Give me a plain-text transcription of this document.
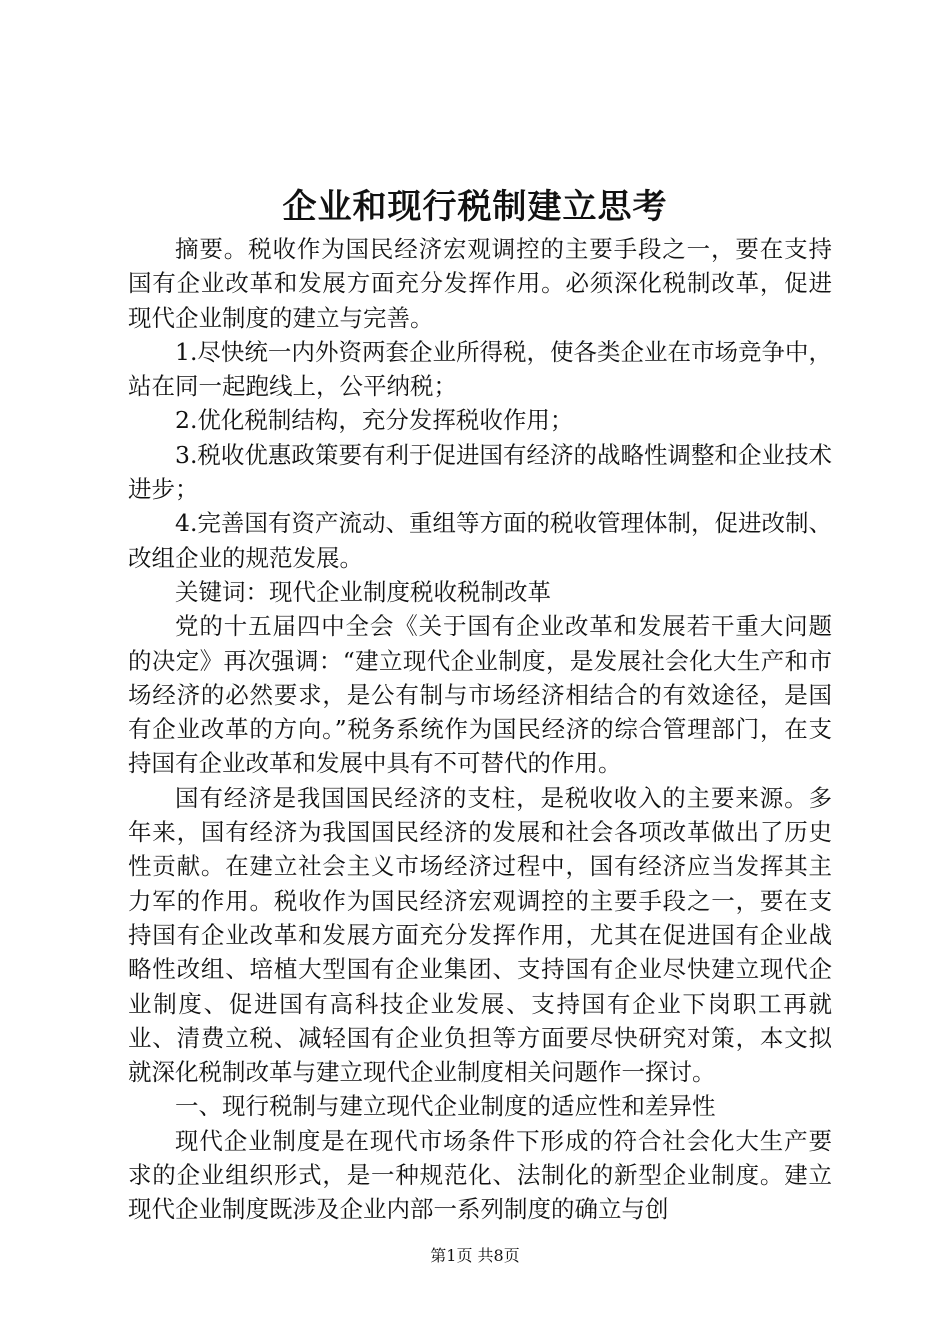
企业和现行税制建立思考

摘要。税收作为国民经济宏观调控的主要手段之一，要在支持国有企业改革和发展方面充分发挥作用。必须深化税制改革，促进现代企业制度的建立与完善。

1.尽快统一内外资两套企业所得税，使各类企业在市场竞争中，站在同一起跑线上，公平纳税；

2.优化税制结构，充分发挥税收作用；

3.税收优惠政策要有利于促进国有经济的战略性调整和企业技术进步；

4.完善国有资产流动、重组等方面的税收管理体制，促进改制、改组企业的规范发展。

关键词：现代企业制度税收税制改革

党的十五届四中全会《关于国有企业改革和发展若干重大问题的决定》再次强调：“建立现代企业制度，是发展社会化大生产和市场经济的必然要求，是公有制与市场经济相结合的有效途径，是国有企业改革的方向。”税务系统作为国民经济的综合管理部门，在支持国有企业改革和发展中具有不可替代的作用。

国有经济是我国国民经济的支柱，是税收收入的主要来源。多年来，国有经济为我国国民经济的发展和社会各项改革做出了历史性贡献。在建立社会主义市场经济过程中，国有经济应当发挥其主力军的作用。税收作为国民经济宏观调控的主要手段之一，要在支持国有企业改革和发展方面充分发挥作用，尤其在促进国有企业战略性改组、培植大型国有企业集团、支持国有企业尽快建立现代企业制度、促进国有高科技企业发展、支持国有企业下岗职工再就业、清费立税、减轻国有企业负担等方面要尽快研究对策，本文拟就深化税制改革与建立现代企业制度相关问题作一探讨。

一、现行税制与建立现代企业制度的适应性和差异性

现代企业制度是在现代市场条件下形成的符合社会化大生产要求的企业组织形式，是一种规范化、法制化的新型企业制度。建立现代企业制度既涉及企业内部一系列制度的确立与创

第1页 共8页
